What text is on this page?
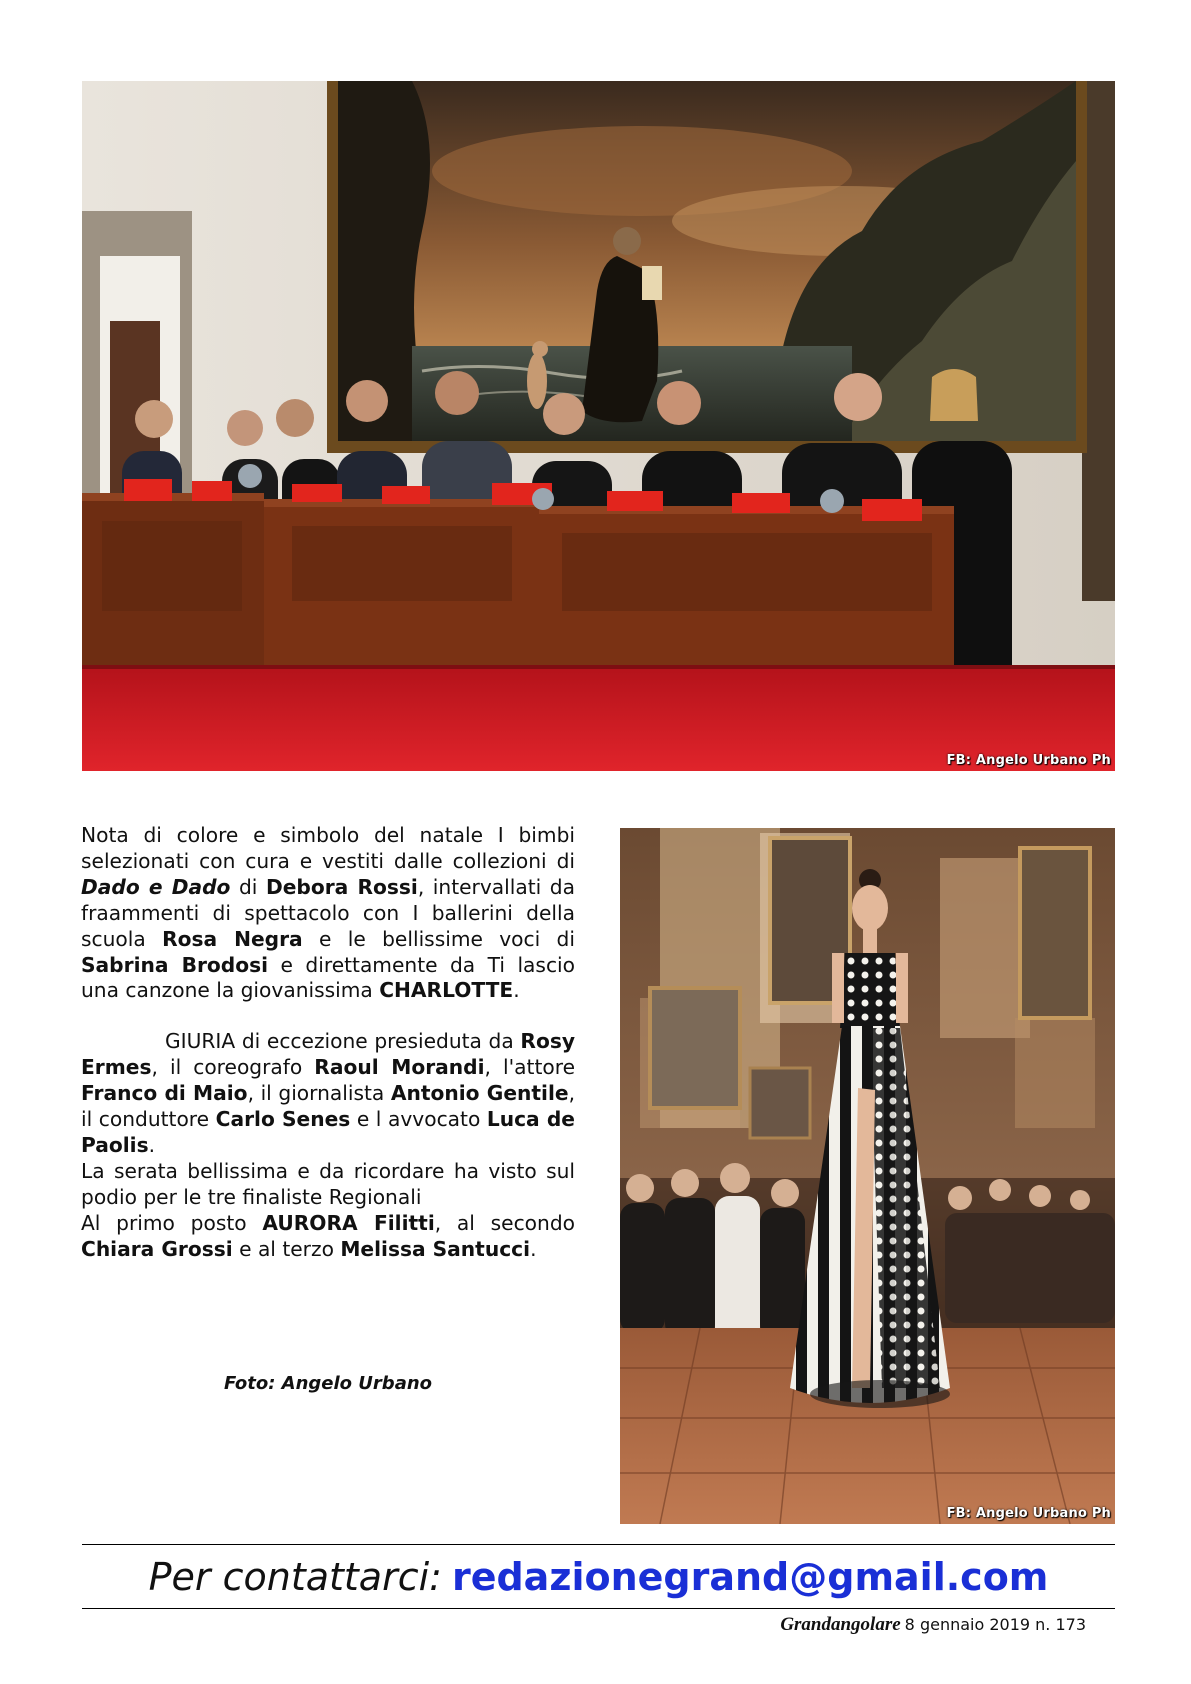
FB: Angelo Urbano Ph

Nota di colore e simbolo del natale I bimbi selezionati con cura e vestiti dalle collezioni di Dado e Dado di Debora Rossi, intervallati da fraammenti di spettacolo con I ballerini della scuola Rosa Negra e le bellissime voci di Sabrina Brodosi e direttamente da Ti lascio una canzone la giovanissima CHARLOTTE.

GIURIA di eccezione presieduta da Rosy Ermes, il coreografo Raoul Morandi, l'attore Franco di Maio, il giornalista Antonio Gentile, il conduttore Carlo Senes e l avvocato Luca de Paolis.
La serata bellissima e da ricordare ha visto sul podio per le tre finaliste Regionali
Al primo posto AURORA Filitti, al secondo Chiara Grossi e al terzo Melissa Santucci.

Foto: Angelo Urbano
FB: Angelo Urbano Ph
Per contattarci: redazionegrand@gmail.com
Grandangolare 8 gennaio 2019 n. 173
